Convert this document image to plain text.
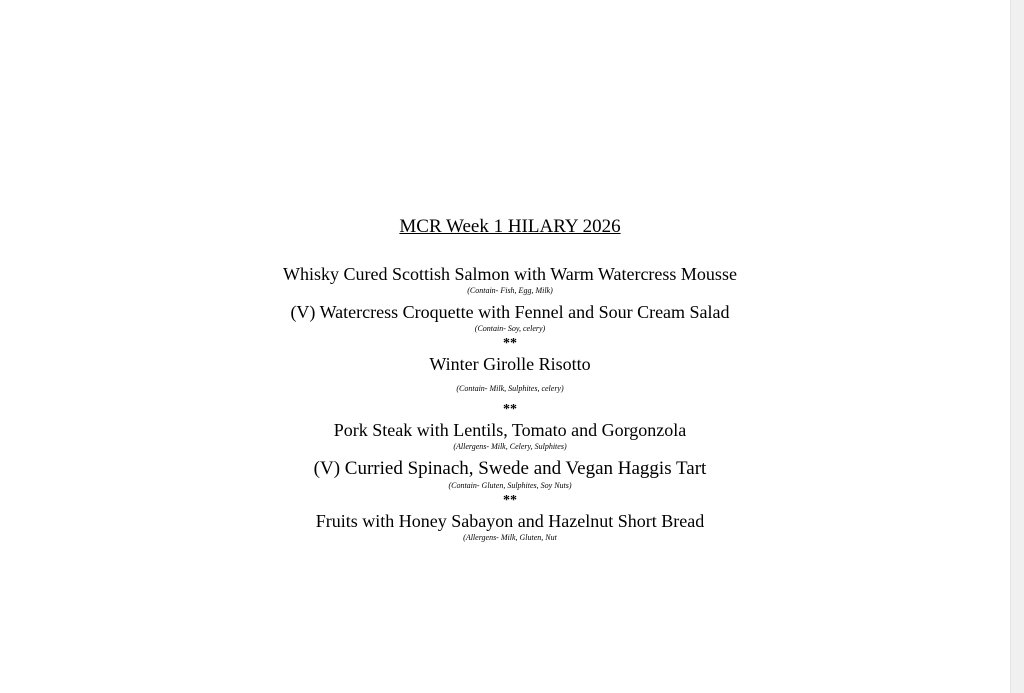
MCR Week 1 HILARY 2026

Whisky Cured Scottish Salmon with Warm Watercress Mousse

(Contain- Fish, Egg, Milk)

(V) Watercress Croquette with Fennel and Sour Cream Salad

(Contain- Soy, celery)

**

Winter Girolle Risotto

(Contain- Milk, Sulphites, celery)

**

Pork Steak with Lentils, Tomato and Gorgonzola

(Allergens- Milk, Celery, Sulphites)

(V) Curried Spinach, Swede and Vegan Haggis Tart

(Contain- Gluten, Sulphites, Soy Nuts)

**

Fruits with Honey Sabayon and Hazelnut Short Bread

(Allergens- Milk, Gluten, Nut
